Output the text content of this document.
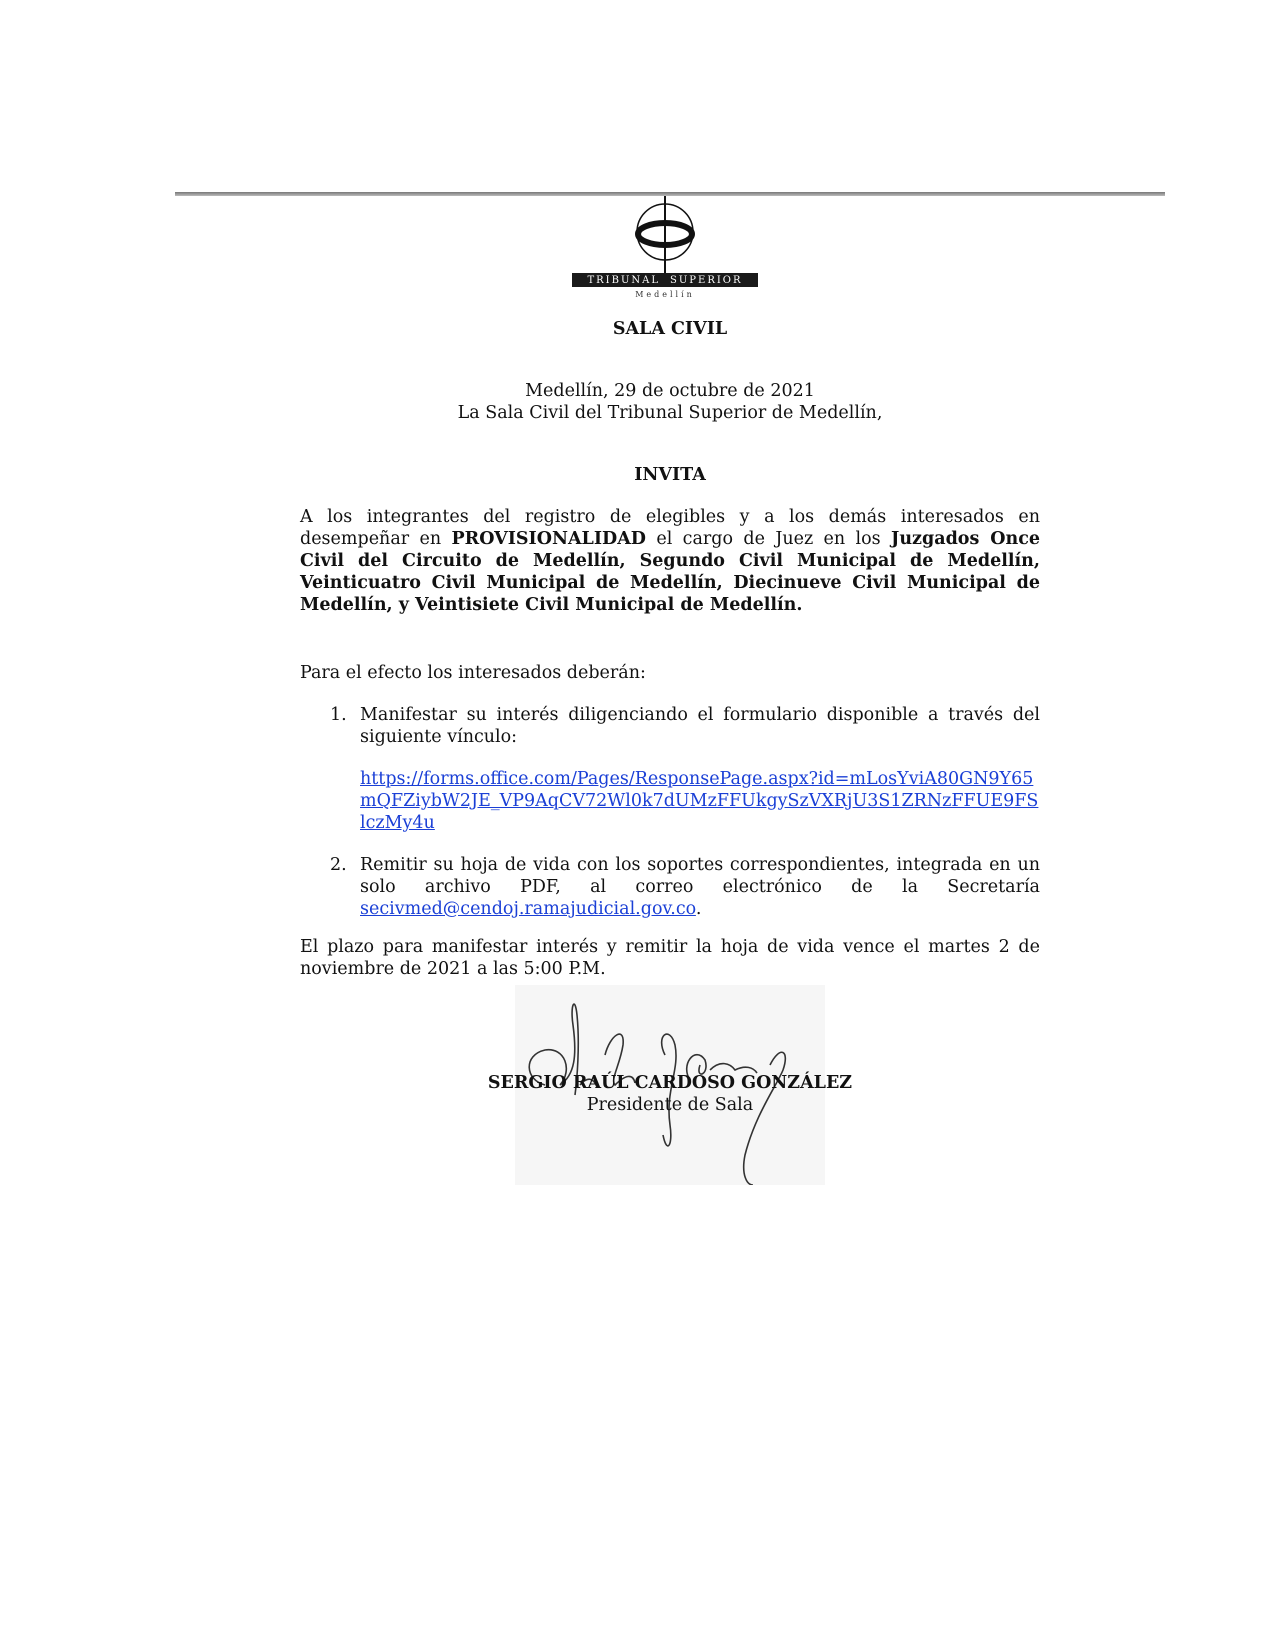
TRIBUNAL SUPERIOR
Medellín
SALA CIVIL
Medellín, 29 de octubre de 2021
La Sala Civil del Tribunal Superior de Medellín,
INVITA
A los integrantes del registro de elegibles y a los demás interesados en desempeñar en PROVISIONALIDAD el cargo de Juez en los Juzgados Once Civil del Circuito de Medellín, Segundo Civil Municipal de Medellín, Veinticuatro Civil Municipal de Medellín, Diecinueve Civil Municipal de Medellín, y Veintisiete Civil Municipal de Medellín.
Para el efecto los interesados deberán:
1. Manifestar su interés diligenciando el formulario disponible a través del siguiente vínculo:
https://forms.office.com/Pages/ResponsePage.aspx?id=mLosYviA80GN9Y65mQFZiybW2JE_VP9AqCV72Wl0k7dUMzFFUkgySzVXRjU3S1ZRNzFFUE9FSlczMy4u
2. Remitir su hoja de vida con los soportes correspondientes, integrada en un solo archivo PDF, al correo electrónico de la Secretaría secivmed@cendoj.ramajudicial.gov.co.
El plazo para manifestar interés y remitir la hoja de vida vence el martes 2 de noviembre de 2021 a las 5:00 P.M.
SERGIO RAÚL CARDOSO GONZÁLEZ
Presidente de Sala
